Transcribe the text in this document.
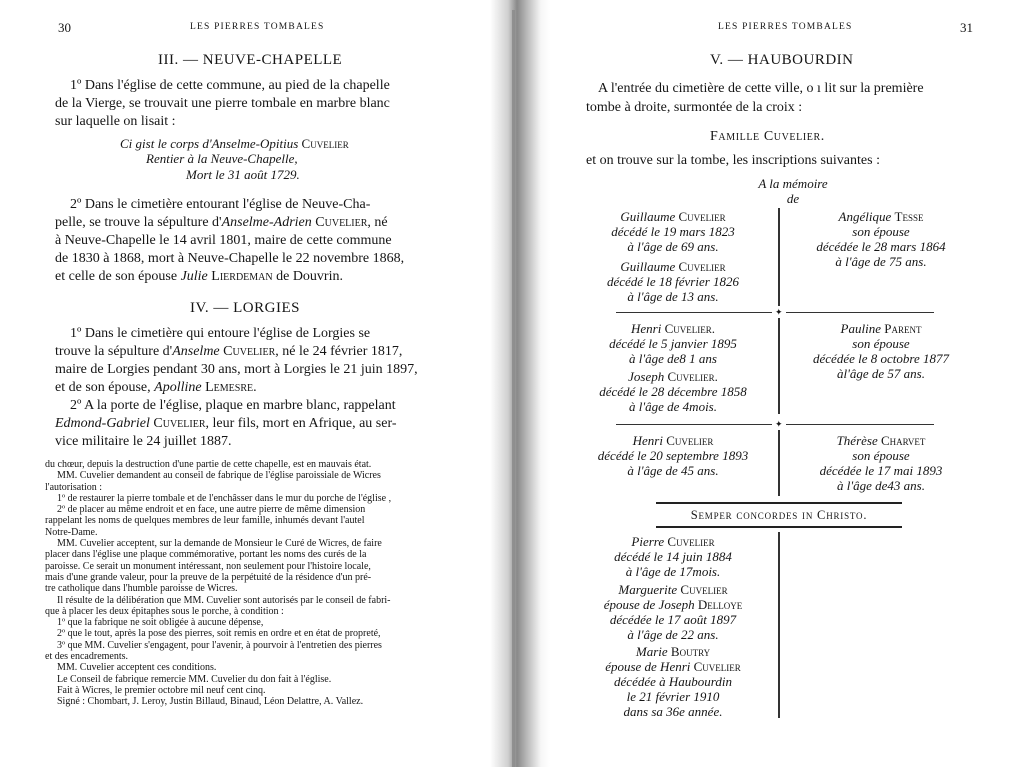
30	LES PIERRES TOMBALES
III. — NEUVE-CHAPELLE
1º Dans l'église de cette commune, au pied de la chapelle
de la Vierge, se trouvait une pierre tombale en marbre blanc
sur laquelle on lisait :
Ci gist le corps d'Anselme-Opitius Cuvelier
Rentier à la Neuve-Chapelle,
Mort le 31 août 1729.
2º Dans le cimetière entourant l'église de Neuve-Cha-
pelle, se trouve la sépulture d'Anselme-Adrien Cuvelier, né
à Neuve-Chapelle le 14 avril 1801, maire de cette commune
de 1830 à 1868, mort à Neuve-Chapelle le 22 novembre 1868,
et celle de son épouse Julie Lierdeman de Douvrin.
IV. — LORGIES
1º Dans le cimetière qui entoure l'église de Lorgies se
trouve la sépulture d'Anselme Cuvelier, né le 24 février 1817,
maire de Lorgies pendant 30 ans, mort à Lorgies le 21 juin 1897,
et de son épouse, Apolline Lemesre.
2º A la porte de l'église, plaque en marbre blanc, rappelant
Edmond-Gabriel Cuvelier, leur fils, mort en Afrique, au ser-
vice militaire le 24 juillet 1887.
du chœur, depuis la destruction d'une partie de cette chapelle, est en mauvais état.
MM. Cuvelier demandent au conseil de fabrique de l'église paroissiale de Wicres
l'autorisation :
1º de restaurer la pierre tombale et de l'enchâsser dans le mur du porche de l'église ,
2º de placer au même endroit et en face, une autre pierre de même dimension
rappelant les noms de quelques membres de leur famille, inhumés devant l'autel
Notre-Dame.
MM. Cuvelier acceptent, sur la demande de Monsieur le Curé de Wicres, de faire
placer dans l'église une plaque commémorative, portant les noms des curés de la
paroisse. Ce serait un monument intéressant, non seulement pour l'histoire locale,
mais d'une grande valeur, pour la preuve de la perpétuité de la résidence d'un pré-
tre catholique dans l'humble paroisse de Wicres.
Il résulte de la délibération que MM. Cuvelier sont autorisés par le conseil de fabri-
que à placer les deux épitaphes sous le porche, à condition :
1º que la fabrique ne soit obligée à aucune dépense,
2º que le tout, après la pose des pierres, soit remis en ordre et en état de propreté,
3º que MM. Cuvelier s'engagent, pour l'avenir, à pourvoir à l'entretien des pierres
et des encadrements.
MM. Cuvelier acceptent ces conditions.
Le Conseil de fabrique remercie MM. Cuvelier du don fait à l'église.
Fait à Wicres, le premier octobre mil neuf cent cinq.
Signé : Chombart, J. Leroy, Justin Billaud, Binaud, Léon Delattre, A. Vallez.
LES PIERRES TOMBALES	31
V. — HAUBOURDIN
A l'entrée du cimetière de cette ville, o ı lit sur la première
tombe à droite, surmontée de la croix :
Famille Cuvelier.
et on trouve sur la tombe, les inscriptions suivantes :
A la mémoire
de
Guillaume Cuvelier
décédé le 19 mars 1823
à l'âge de 69 ans.
Guillaume Cuvelier
décédé le 18 février 1826
à l'âge de 13 ans.
Angélique Tesse
son épouse
décédée le 28 mars 1864
à l'âge de 75 ans.
✦
Henri Cuvelier.
décédé le 5 janvier 1895
à l'âge de8 1 ans
Joseph Cuvelier.
décédé le 28 décembre 1858
à l'âge de 4mois.
Pauline Parent
son épouse
décédée le 8 octobre 1877
àl'âge de 57 ans.
✦
Henri Cuvelier
décédé le 20 septembre 1893
à l'âge de 45 ans.
Thérèse Charvet
son épouse
décédée le 17 mai 1893
à l'âge de43 ans.
Semper concordes in Christo.
Pierre Cuvelier
décédé le 14 juin 1884
à l'âge de 17mois.
Marguerite Cuvelier
épouse de Joseph Delloye
décédée le 17 août 1897
à l'âge de 22 ans.
Marie Boutry
épouse de Henri Cuvelier
décédée à Haubourdin
le 21 février 1910
dans sa 36e année.
